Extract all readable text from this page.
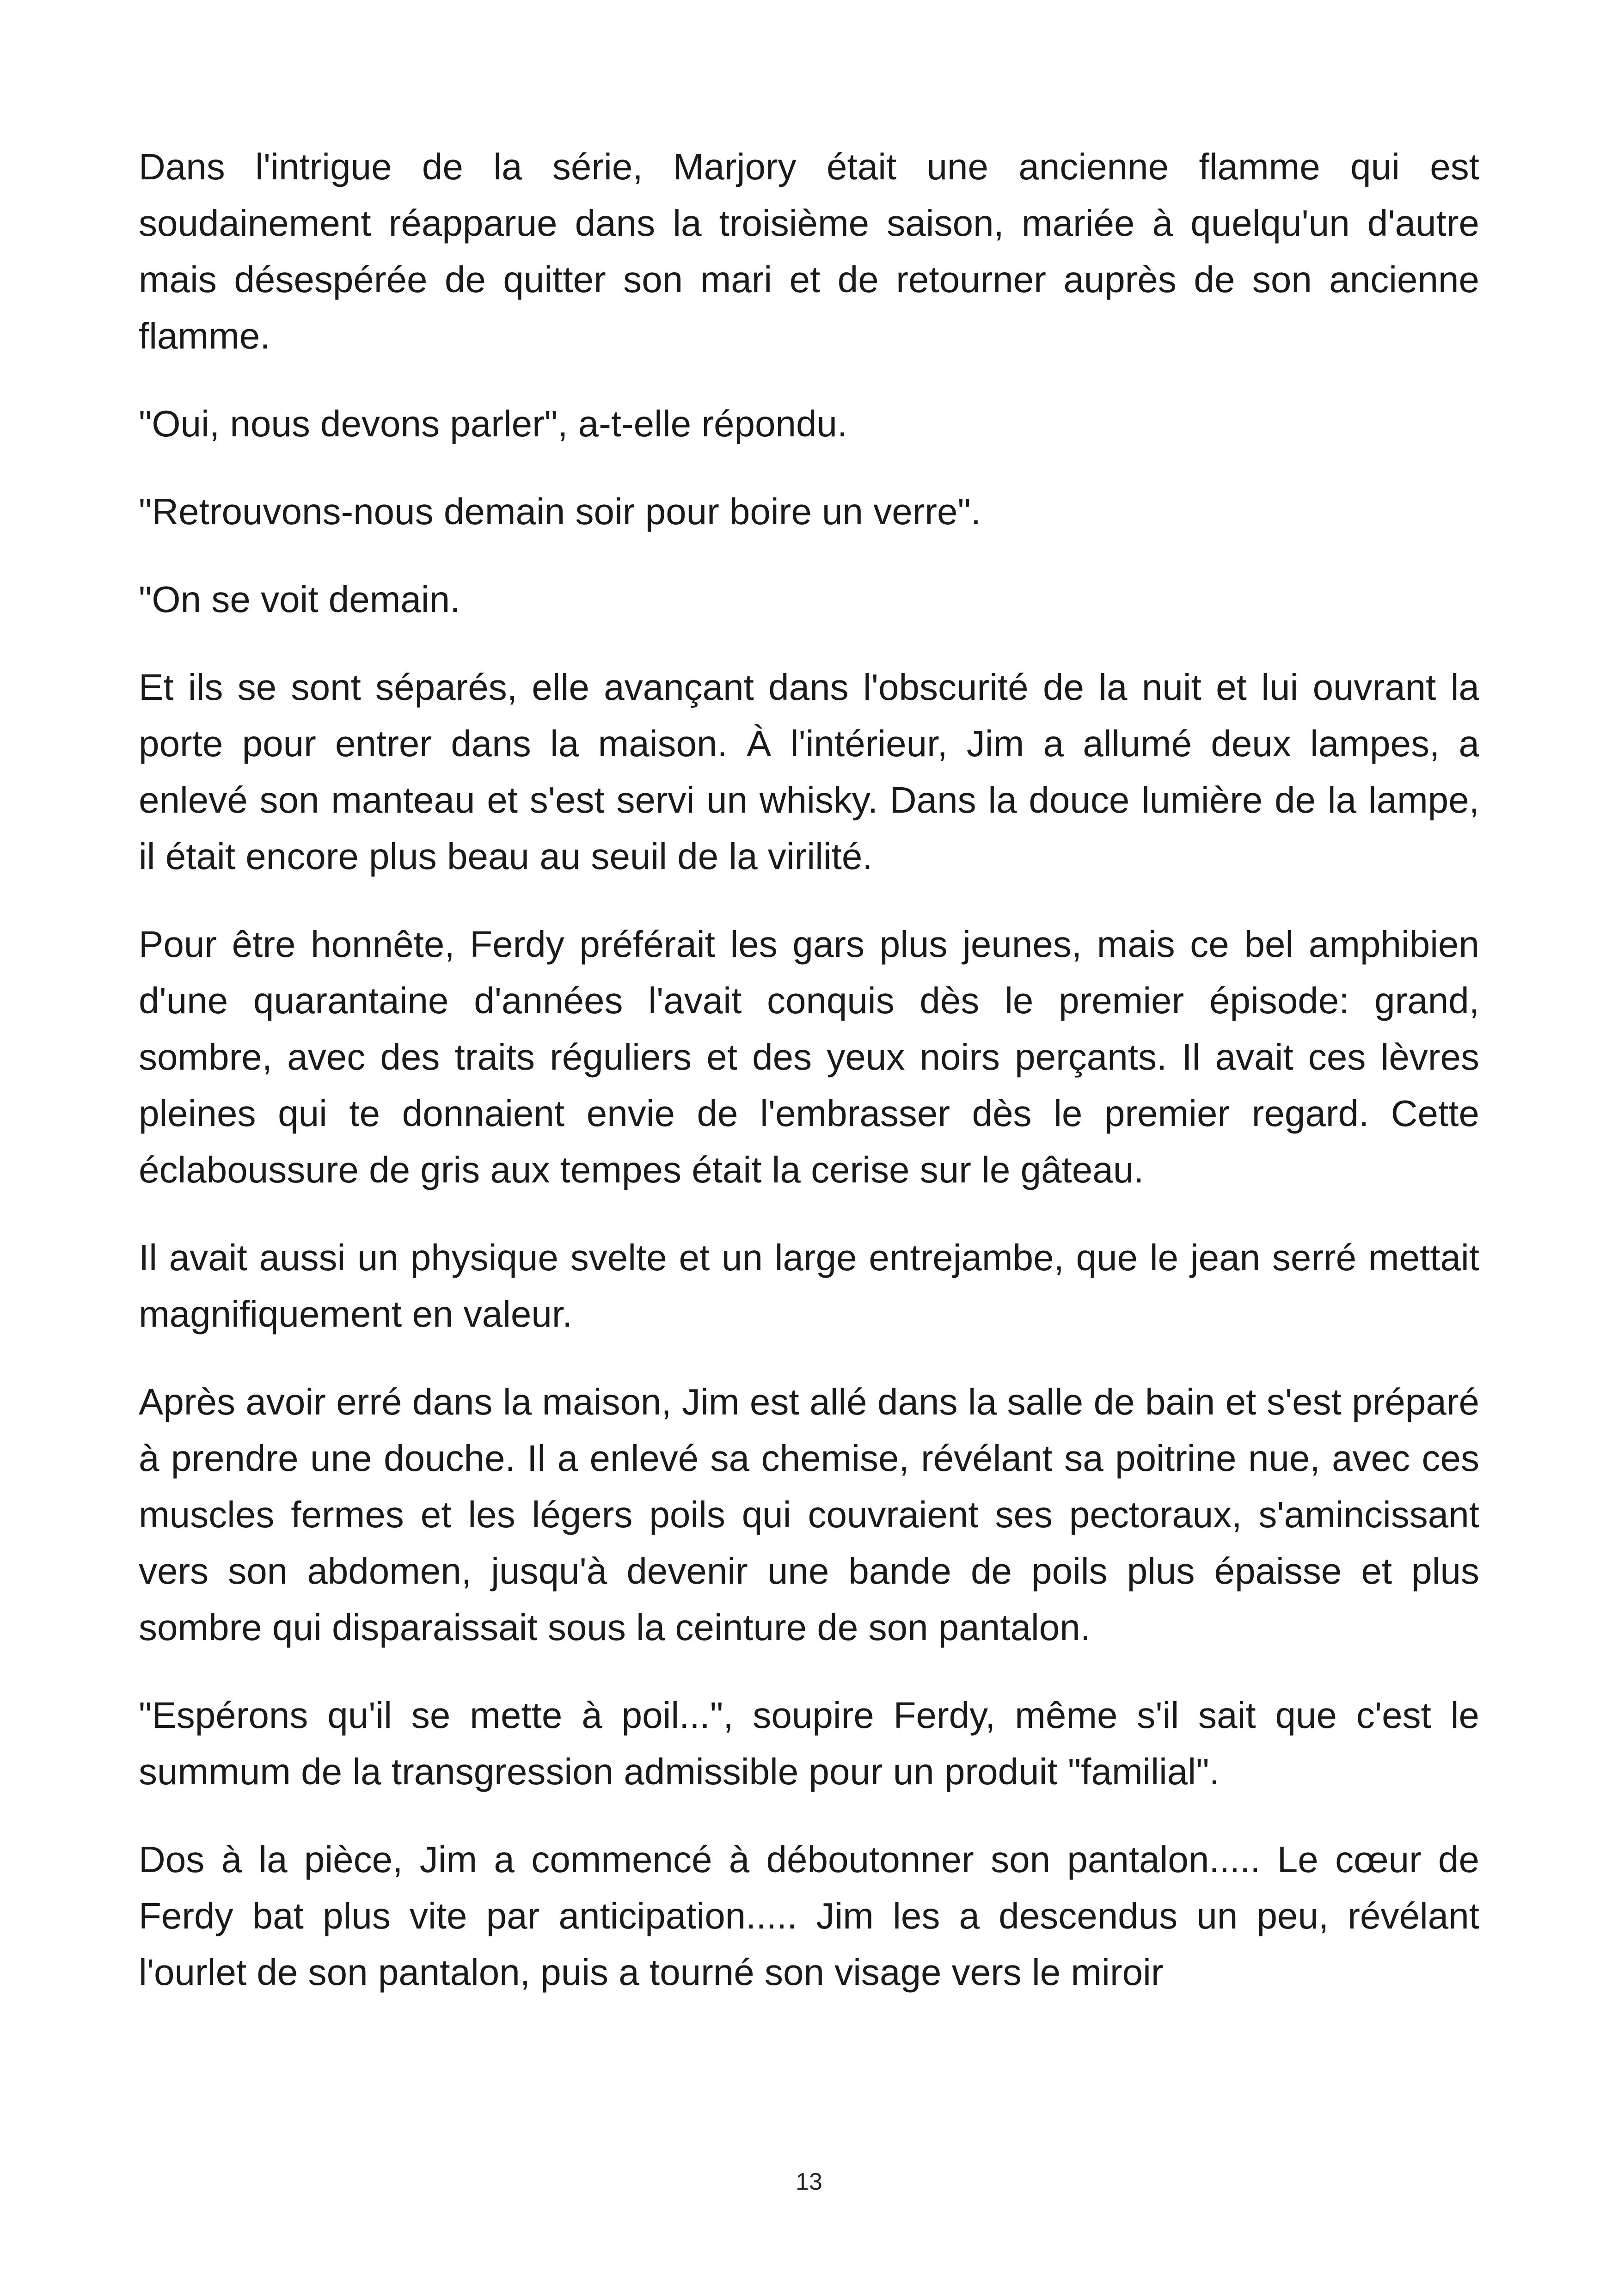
Dans l'intrigue de la série, Marjory était une ancienne flamme qui est soudainement réapparue dans la troisième saison, mariée à quelqu'un d'autre mais désespérée de quitter son mari et de retourner auprès de son ancienne flamme.

"Oui, nous devons parler", a-t-elle répondu.

"Retrouvons-nous demain soir pour boire un verre".

"On se voit demain.

Et ils se sont séparés, elle avançant dans l'obscurité de la nuit et lui ouvrant la porte pour entrer dans la maison. À l'intérieur, Jim a allumé deux lampes, a enlevé son manteau et s'est servi un whisky. Dans la douce lumière de la lampe, il était encore plus beau au seuil de la virilité.

Pour être honnête, Ferdy préférait les gars plus jeunes, mais ce bel amphibien d'une quarantaine d'années l'avait conquis dès le premier épisode: grand, sombre, avec des traits réguliers et des yeux noirs perçants. Il avait ces lèvres pleines qui te donnaient envie de l'embrasser dès le premier regard. Cette éclaboussure de gris aux tempes était la cerise sur le gâteau.

Il avait aussi un physique svelte et un large entrejambe, que le jean serré mettait magnifiquement en valeur.

Après avoir erré dans la maison, Jim est allé dans la salle de bain et s'est préparé à prendre une douche. Il a enlevé sa chemise, révélant sa poitrine nue, avec ces muscles fermes et les légers poils qui couvraient ses pectoraux, s'amincissant vers son abdomen, jusqu'à devenir une bande de poils plus épaisse et plus sombre qui disparaissait sous la ceinture de son pantalon.

"Espérons qu'il se mette à poil...", soupire Ferdy, même s'il sait que c'est le summum de la transgression admissible pour un produit "familial".

Dos à la pièce, Jim a commencé à déboutonner son pantalon..... Le cœur de Ferdy bat plus vite par anticipation..... Jim les a descendus un peu, révélant l'ourlet de son pantalon, puis a tourné son visage vers le miroir

13
